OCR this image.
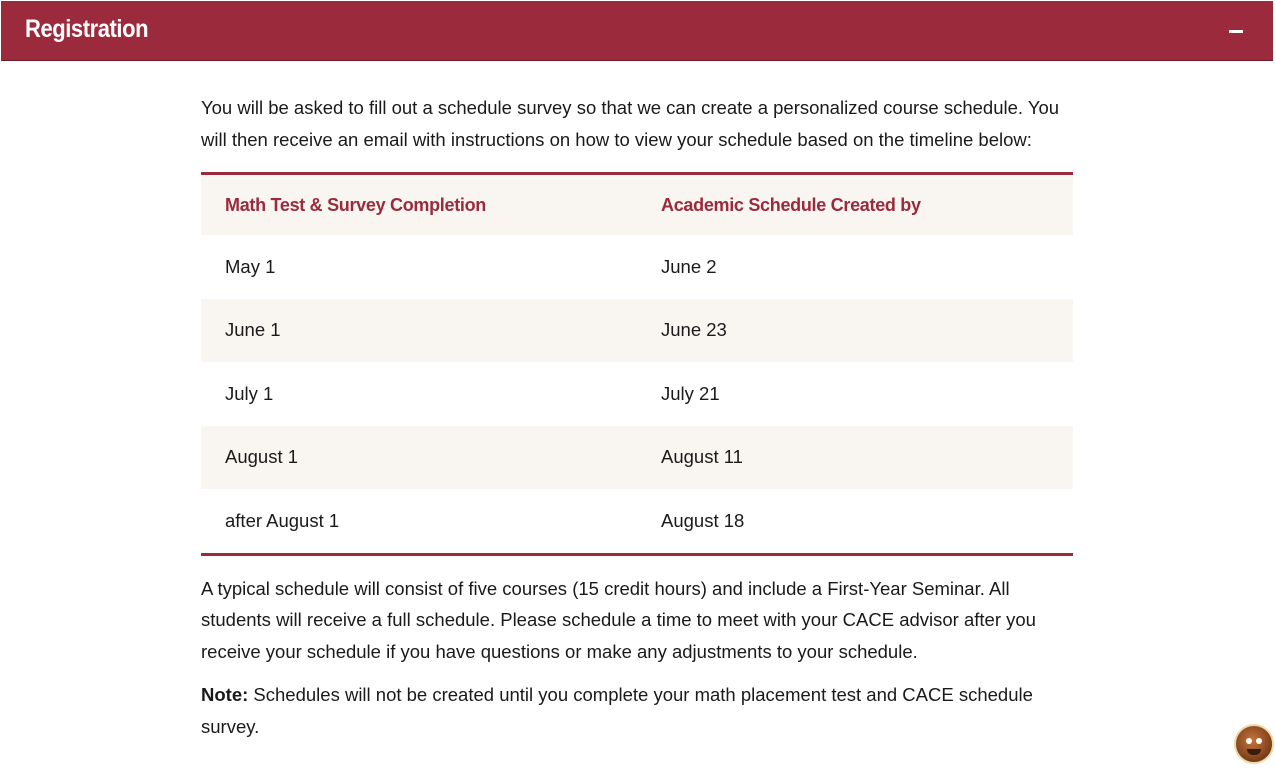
Registration

You will be asked to fill out a schedule survey so that we can create a personalized course schedule. You will then receive an email with instructions on how to view your schedule based on the timeline below:

Math Test & Survey Completion	Academic Schedule Created by
May 1	June 2
June 1	June 23
July 1	July 21
August 1	August 11
after August 1	August 18

A typical schedule will consist of five courses (15 credit hours) and include a First-Year Seminar. All students will receive a full schedule. Please schedule a time to meet with your CACE advisor after you receive your schedule if you have questions or make any adjustments to your schedule.

Note: Schedules will not be created until you complete your math placement test and CACE schedule survey.
